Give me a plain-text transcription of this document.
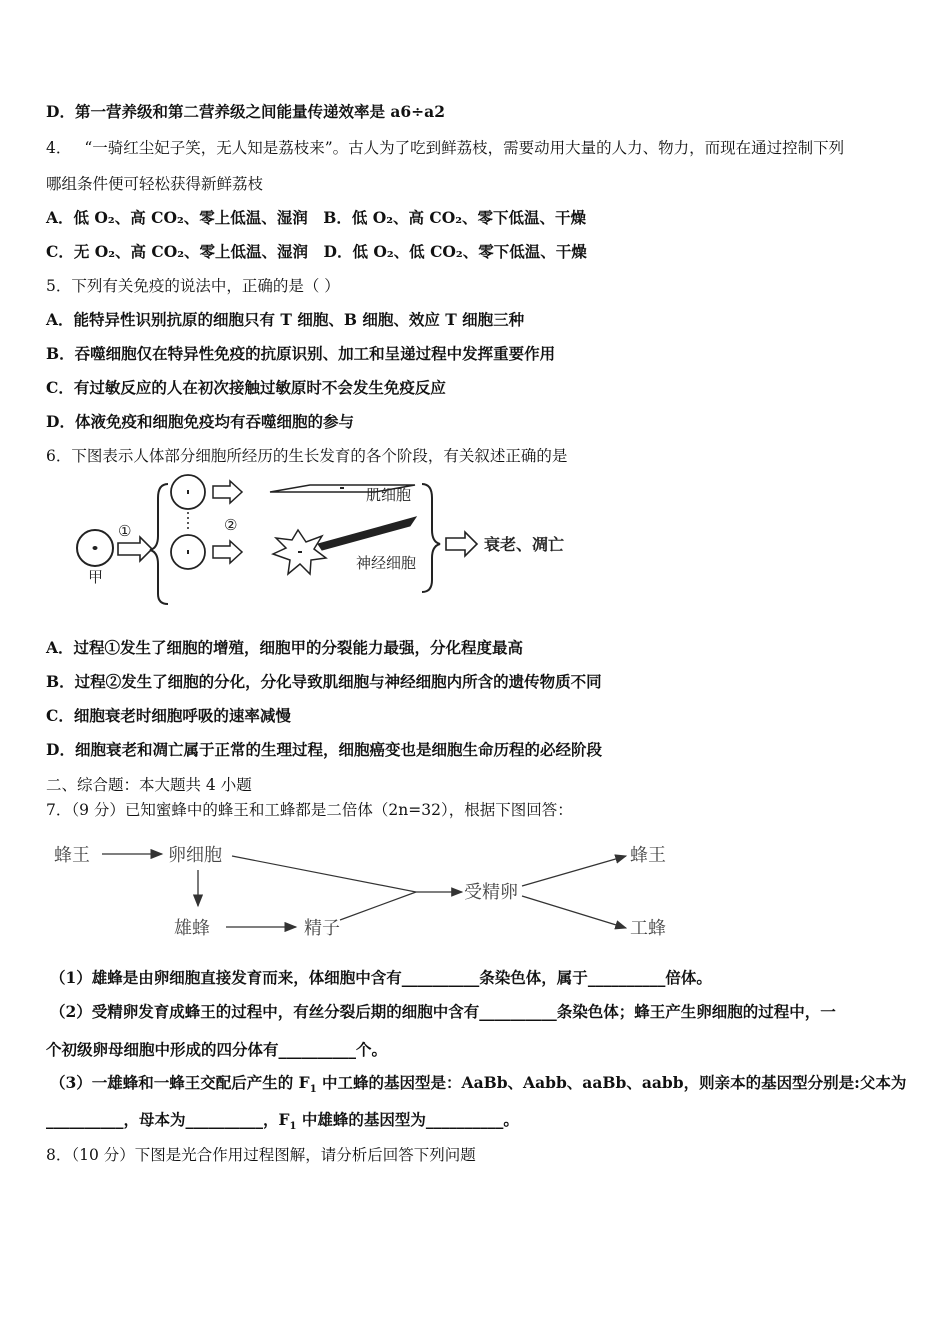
D．第一营养级和第二营养级之间能量传递效率是 a6÷a2
4． “一骑红尘妃子笑，无人知是荔枝来”。古人为了吃到鲜荔枝，需要动用大量的人力、物力，而现在通过控制下列
哪组条件便可轻松获得新鲜荔枝
A．低 O₂、高 CO₂、零上低温、湿润　B．低 O₂、高 CO₂、零下低温、干燥
C．无 O₂、高 CO₂、零上低温、湿润　D．低 O₂、低 CO₂、零下低温、干燥
5．下列有关免疫的说法中，正确的是（ ）
A．能特异性识别抗原的细胞只有 T 细胞、B 细胞、效应 T 细胞三种
B．吞噬细胞仅在特异性免疫的抗原识别、加工和呈递过程中发挥重要作用
C．有过敏反应的人在初次接触过敏原时不会发生免疫反应
D．体液免疫和细胞免疫均有吞噬细胞的参与
6．下图表示人体部分细胞所经历的生长发育的各个阶段，有关叙述正确的是
甲
①	②
肌细胞
神经细胞
衰老、凋亡
A．过程①发生了细胞的增殖，细胞甲的分裂能力最强，分化程度最高
B．过程②发生了细胞的分化，分化导致肌细胞与神经细胞内所含的遗传物质不同
C．细胞衰老时细胞呼吸的速率减慢
D．细胞衰老和凋亡属于正常的生理过程，细胞癌变也是细胞生命历程的必经阶段
二、综合题：本大题共 4 小题
7．（9 分）已知蜜蜂中的蜂王和工蜂都是二倍体（2n=32），根据下图回答：
蜂王	卵细胞
雄蜂	精子
受精卵
蜂王
工蜂
（1）雄蜂是由卵细胞直接发育而来，体细胞中含有__________条染色体，属于__________倍体。
（2）受精卵发育成蜂王的过程中，有丝分裂后期的细胞中含有__________条染色体；蜂王产生卵细胞的过程中，一
个初级卵母细胞中形成的四分体有__________个。
（3）一雄蜂和一蜂王交配后产生的 $F_1$ 中工蜂的基因型是：AaBb、Aabb、aaBb、aabb，则亲本的基因型分别是:父本为
__________，母本为__________，$F_1$ 中雄蜂的基因型为__________。
8．（10 分）下图是光合作用过程图解，请分析后回答下列问题
